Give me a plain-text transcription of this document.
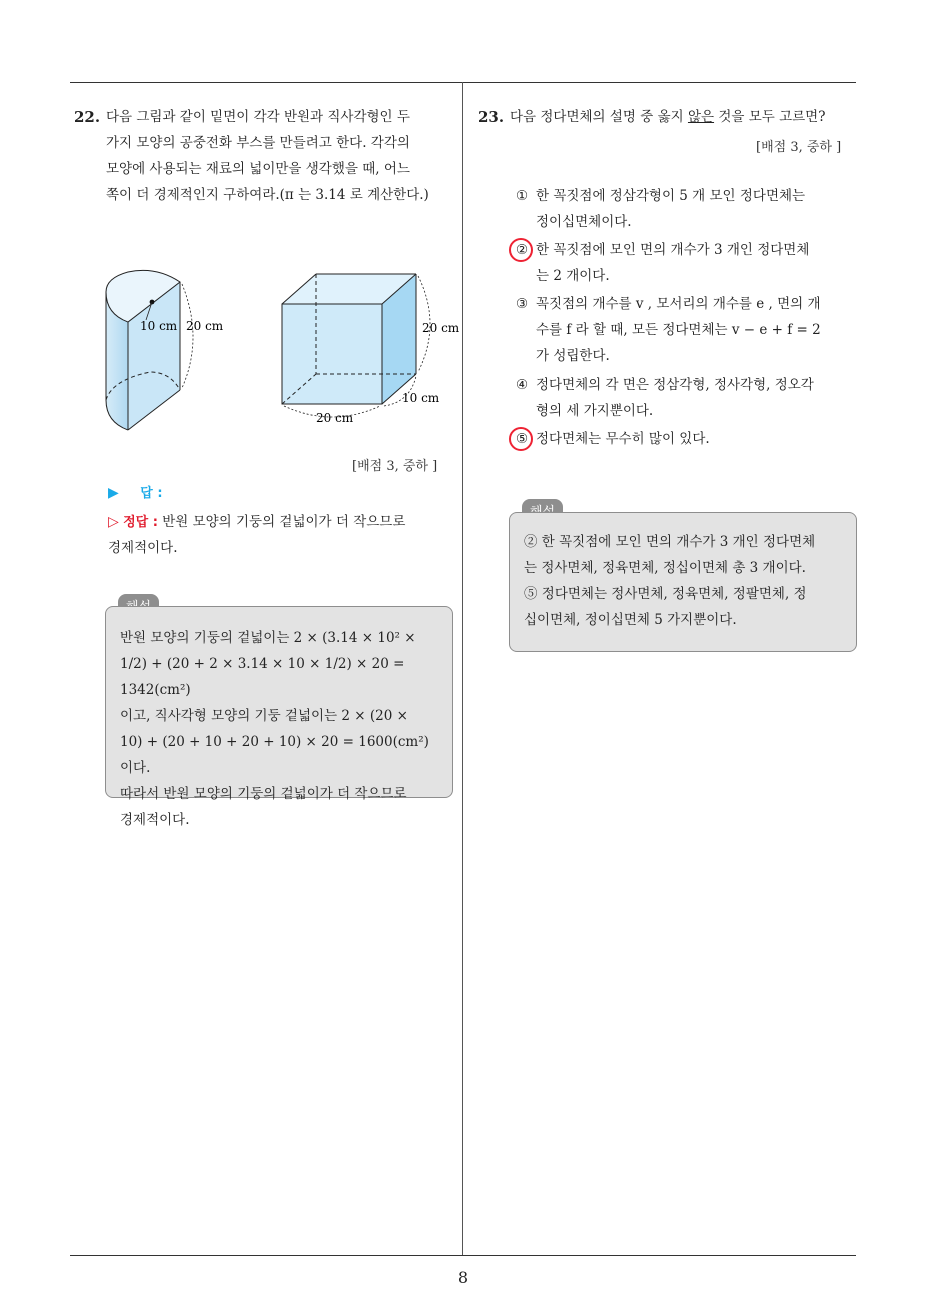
22. 다음 그림과 같이 밑면이 각각 반원과 직사각형인 두
가지 모양의 공중전화 부스를 만들려고 한다. 각각의
모양에 사용되는 재료의 넓이만을 생각했을 때, 어느
쪽이 더 경제적인지 구하여라.(π 는 3.14 로 계산한다.)
10 cm 20 cm	20 cm
10 cm
20 cm
[배점 3, 중하 ]
▶ 답 :
▷ 정답 : 반원 모양의 기둥의 겉넓이가 더 작으므로
경제적이다.
반원 모양의 기둥의 겉넓이는 2 × (3.14 × 10² ×
1/2) + (20 + 2 × 3.14 × 10 × 1/2) × 20 = 1342(cm²)
이고, 직사각형 모양의 기둥 겉넓이는 2 × (20 ×
10) + (20 + 10 + 20 + 10) × 20 = 1600(cm²) 이다.
따라서 반원 모양의 기둥의 겉넓이가 더 작으므로
경제적이다.
23. 다음 정다면체의 설명 중 옳지 않은 것을 모두 고르면?
[배점 3, 중하 ]
① 한 꼭짓점에 정삼각형이 5 개 모인 정다면체는
정이십면체이다.
② 한 꼭짓점에 모인 면의 개수가 3 개인 정다면체
는 2 개이다.
③ 꼭짓점의 개수를 v , 모서리의 개수를 e , 면의 개
수를 f 라 할 때, 모든 정다면체는 v − e + f = 2
가 성립한다.
④ 정다면체의 각 면은 정삼각형, 정사각형, 정오각
형의 세 가지뿐이다.
⑤ 정다면체는 무수히 많이 있다.
② 한 꼭짓점에 모인 면의 개수가 3 개인 정다면체
는 정사면체, 정육면체, 정십이면체 총 3 개이다.
⑤ 정다면체는 정사면체, 정육면체, 정팔면체, 정
십이면체, 정이십면체 5 가지뿐이다.
8
